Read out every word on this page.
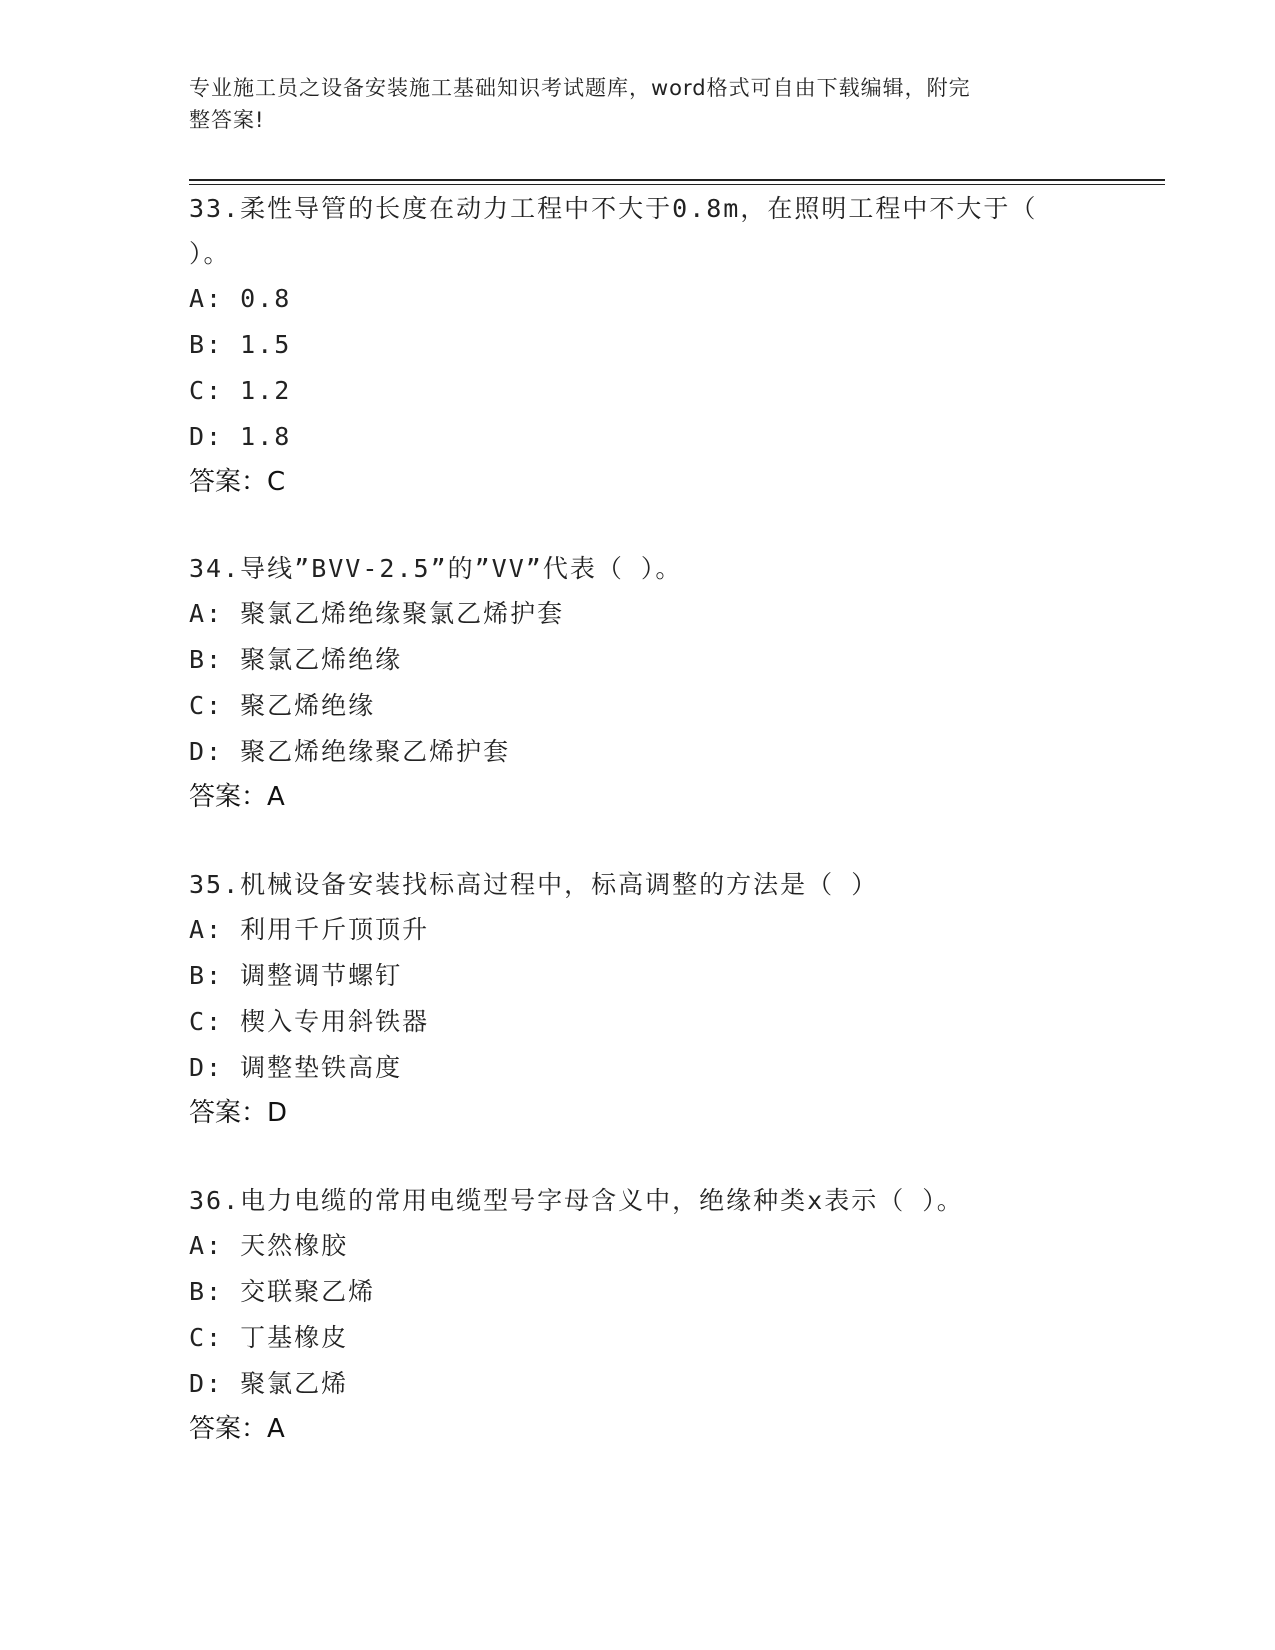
专业施工员之设备安装施工基础知识考试题库，word格式可自由下载编辑，附完
整答案!
33.柔性导管的长度在动力工程中不大于0.8m，在照明工程中不大于（
）。
A: 0.8
B: 1.5
C: 1.2
D: 1.8
答案：C
34.导线”BVV-2.5”的”VV”代表（ ）。
A: 聚氯乙烯绝缘聚氯乙烯护套
B: 聚氯乙烯绝缘
C: 聚乙烯绝缘
D: 聚乙烯绝缘聚乙烯护套
答案：A
35.机械设备安装找标高过程中，标高调整的方法是（ ）
A: 利用千斤顶顶升
B: 调整调节螺钉
C: 楔入专用斜铁器
D: 调整垫铁高度
答案：D
36.电力电缆的常用电缆型号字母含义中，绝缘种类x表示（ ）。
A: 天然橡胶
B: 交联聚乙烯
C: 丁基橡皮
D: 聚氯乙烯
答案：A
